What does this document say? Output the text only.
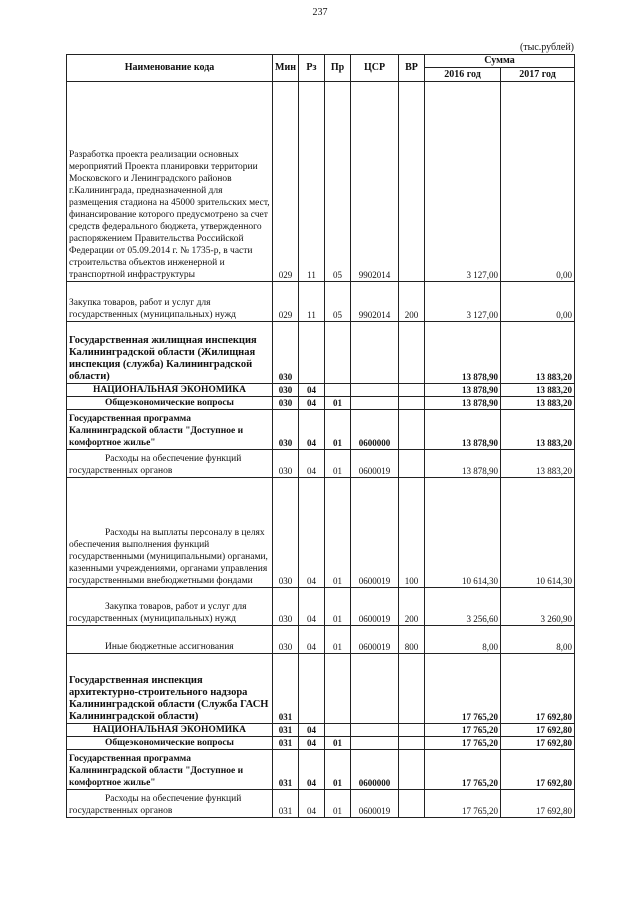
237
(тыс.рублей)
Наименование кода	Мин	Рз	Пр	ЦСР	ВР	Сумма	
						2016 год	2017 год
Разработка проекта реализации основных мероприятий Проекта планировки территории Московского и Ленинградского районов г.Калининграда, предназначенной для размещения стадиона на 45000 зрительских мест, финансирование которого предусмотрено за счет средств федерального бюджета, утвержденного распоряжением Правительства Российской Федерации от 05.09.2014 г. № 1735-р, в части строительства объектов инженерной и транспортной инфраструктуры	029	11	05	9902014		3 127,00	0,00
Закупка товаров, работ и услуг для государственных (муниципальных) нужд	029	11	05	9902014	200	3 127,00	0,00
Государственная жилищная инспекция Калининградской области (Жилищная инспекция (служба) Калининградской области)	030					13 878,90	13 883,20
НАЦИОНАЛЬНАЯ ЭКОНОМИКА	030	04				13 878,90	13 883,20
Общеэкономические вопросы	030	04	01			13 878,90	13 883,20
Государственная программа Калининградской области "Доступное и комфортное жилье"	030	04	01	0600000		13 878,90	13 883,20
Расходы на обеспечение функций государственных органов	030	04	01	0600019		13 878,90	13 883,20
Расходы на выплаты персоналу в целях обеспечения выполнения функций государственными (муниципальными) органами, казенными учреждениями, органами управления государственными внебюджетными фондами	030	04	01	0600019	100	10 614,30	10 614,30
Закупка товаров, работ и услуг для государственных (муниципальных) нужд	030	04	01	0600019	200	3 256,60	3 260,90
Иные бюджетные ассигнования	030	04	01	0600019	800	8,00	8,00
Государственная инспекция архитектурно-строительного надзора Калининградской области (Служба ГАСН Калининградской области)	031					17 765,20	17 692,80
НАЦИОНАЛЬНАЯ ЭКОНОМИКА	031	04				17 765,20	17 692,80
Общеэкономические вопросы	031	04	01			17 765,20	17 692,80
Государственная программа Калининградской области "Доступное и комфортное жилье"	031	04	01	0600000		17 765,20	17 692,80
Расходы на обеспечение функций государственных органов	031	04	01	0600019		17 765,20	17 692,80
